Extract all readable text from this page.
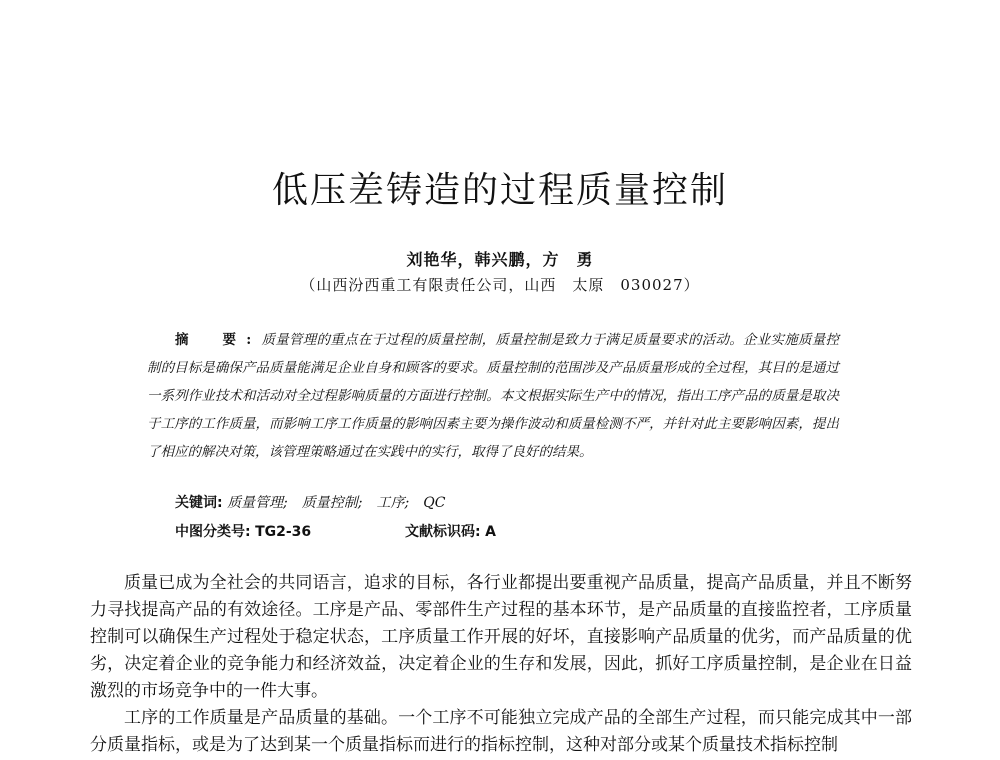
低压差铸造的过程质量控制
刘艳华，韩兴鹏，方　勇
（山西汾西重工有限责任公司，山西　太原　030027）
摘　要:质量管理的重点在于过程的质量控制，质量控制是致力于满足质量要求的活动。企业实施质量控制的目标是确保产品质量能满足企业自身和顾客的要求。质量控制的范围涉及产品质量形成的全过程，其目的是通过一系列作业技术和活动对全过程影响质量的方面进行控制。本文根据实际生产中的情况，指出工序产品的质量是取决于工序的工作质量，而影响工序工作质量的影响因素主要为操作波动和质量检测不严，并针对此主要影响因素，提出了相应的解决对策，该管理策略通过在实践中的实行，取得了良好的结果。
关键词: 质量管理;　质量控制;　工序;　QC
中图分类号: TG2-36	文献标识码: A

质量已成为全社会的共同语言，追求的目标，各行业都提出要重视产品质量，提高产品质量，并且不断努力寻找提高产品的有效途径。工序是产品、零部件生产过程的基本环节，是产品质量的直接监控者，工序质量控制可以确保生产过程处于稳定状态，工序质量工作开展的好坏，直接影响产品质量的优劣，而产品质量的优劣，决定着企业的竞争能力和经济效益，决定着企业的生存和发展，因此，抓好工序质量控制，是企业在日益激烈的市场竞争中的一件大事。

工序的工作质量是产品质量的基础。一个工序不可能独立完成产品的全部生产过程，而只能完成其中一部分质量指标，或是为了达到某一个质量指标而进行的指标控制，这种对部分或某个质量技术指标控制
